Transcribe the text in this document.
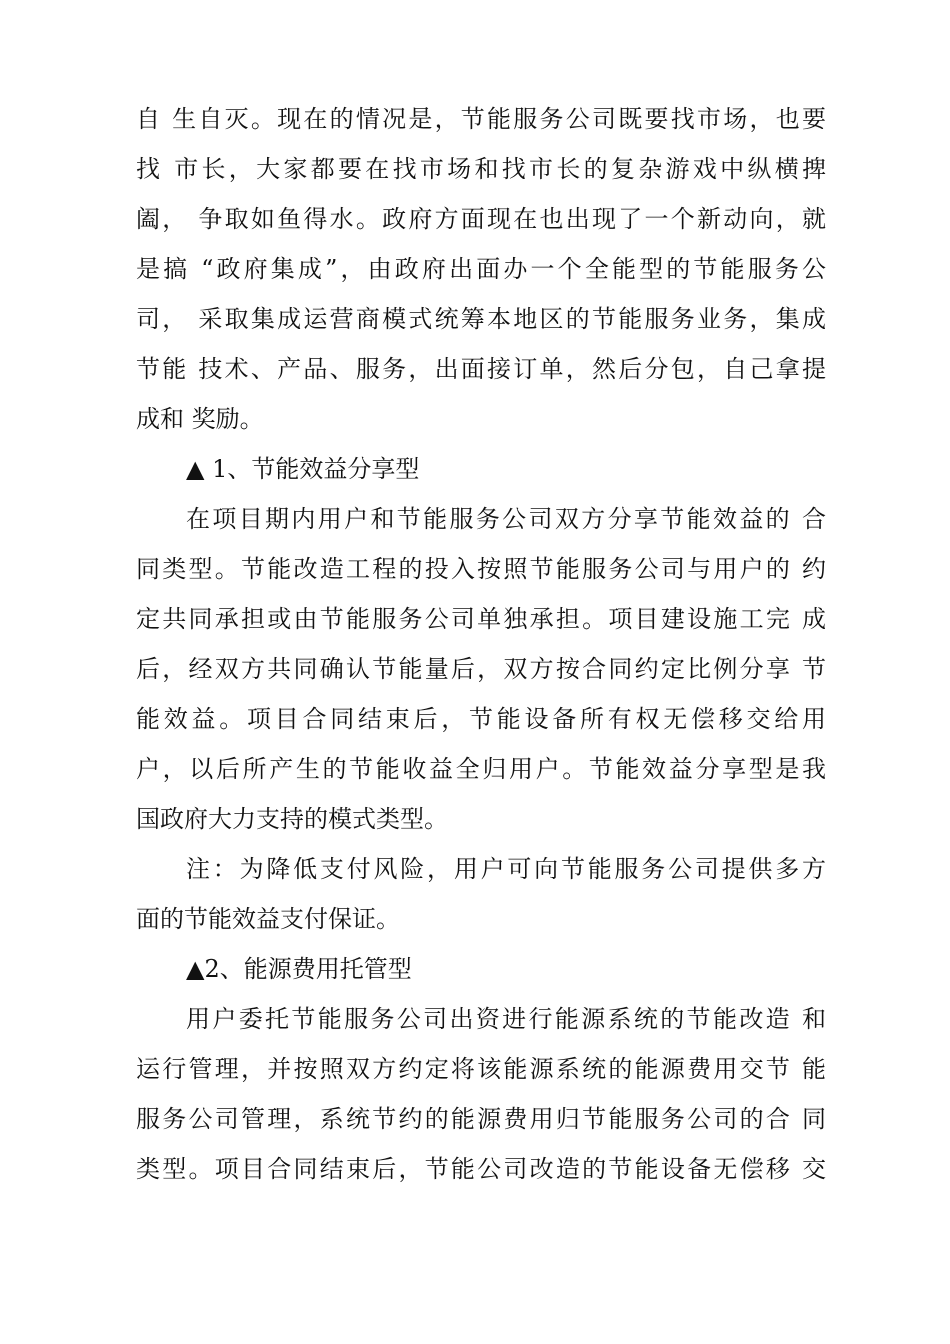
自 生自灭。现在的情况是，节能服务公司既要找市场，也要
找 市长，大家都要在找市场和找市长的复杂游戏中纵横捭
阖， 争取如鱼得水。政府方面现在也出现了一个新动向，就
是搞 “政府集成”，由政府出面办一个全能型的节能服务公
司， 采取集成运营商模式统筹本地区的节能服务业务，集成
节能 技术、产品、服务，出面接订单，然后分包，自己拿提
成和 奖励。
▲ 1、节能效益分享型
在项目期内用户和节能服务公司双方分享节能效益的 合
同类型。节能改造工程的投入按照节能服务公司与用户的 约
定共同承担或由节能服务公司单独承担。项目建设施工完 成
后，经双方共同确认节能量后，双方按合同约定比例分享 节
能效益。项目合同结束后，节能设备所有权无偿移交给用
户，以后所产生的节能收益全归用户。节能效益分享型是我
国政府大力支持的模式类型。
注：为降低支付风险，用户可向节能服务公司提供多方
面的节能效益支付保证。
▲2、能源费用托管型
用户委托节能服务公司出资进行能源系统的节能改造 和
运行管理，并按照双方约定将该能源系统的能源费用交节 能
服务公司管理，系统节约的能源费用归节能服务公司的合 同
类型。项目合同结束后，节能公司改造的节能设备无偿移 交
